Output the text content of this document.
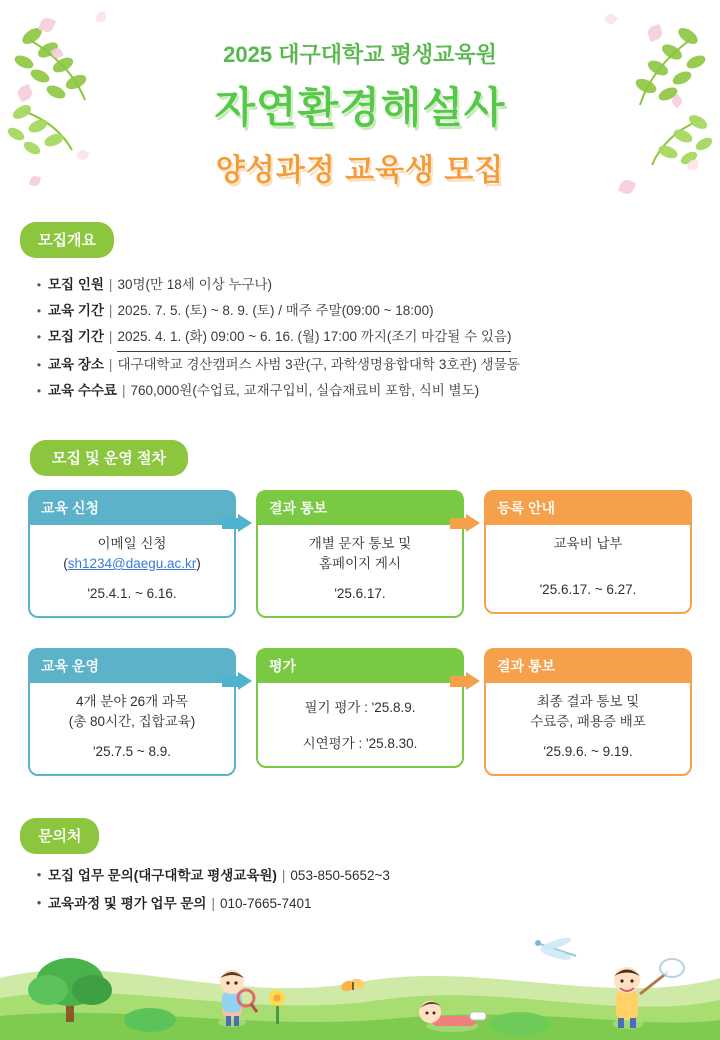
2025 대구대학교 평생교육원
자연환경해설사
양성과정 교육생 모집
모집개요
• 모집 인원 | 30명(만 18세 이상 누구나)
• 교육 기간 | 2025. 7. 5. (토) ~ 8. 9. (토) / 매주 주말(09:00 ~ 18:00)
• 모집 기간 | 2025. 4. 1. (화) 09:00 ~ 6. 16. (월) 17:00 까지(조기 마감될 수 있음)
• 교육 장소 | 대구대학교 경산캠퍼스 사범 3관(구, 과학생명융합대학 3호관) 생물동
• 교육 수수료 | 760,000원(수업료, 교재구입비, 실습재료비 포함, 식비 별도)
모집 및 운영 절차
교육 신청
이메일 신청
(sh1234@daegu.ac.kr)
'25.4.1. ~ 6.16.
결과 통보
개별 문자 통보 및
홈페이지 게시
'25.6.17.
등록 안내
교육비 납부
'25.6.17. ~ 6.27.
교육 운영
4개 분야 26개 과목
(총 80시간, 집합교육)
'25.7.5 ~ 8.9.
평가
필기 평가 : '25.8.9.
시연평가 : '25.8.30.
결과 통보
최종 결과 통보 및
수료증, 패용증 배포
'25.9.6. ~ 9.19.
문의처
• 모집 업무 문의(대구대학교 평생교육원) | 053-850-5652~3
• 교육과정 및 평가 업무 문의 | 010-7665-7401
